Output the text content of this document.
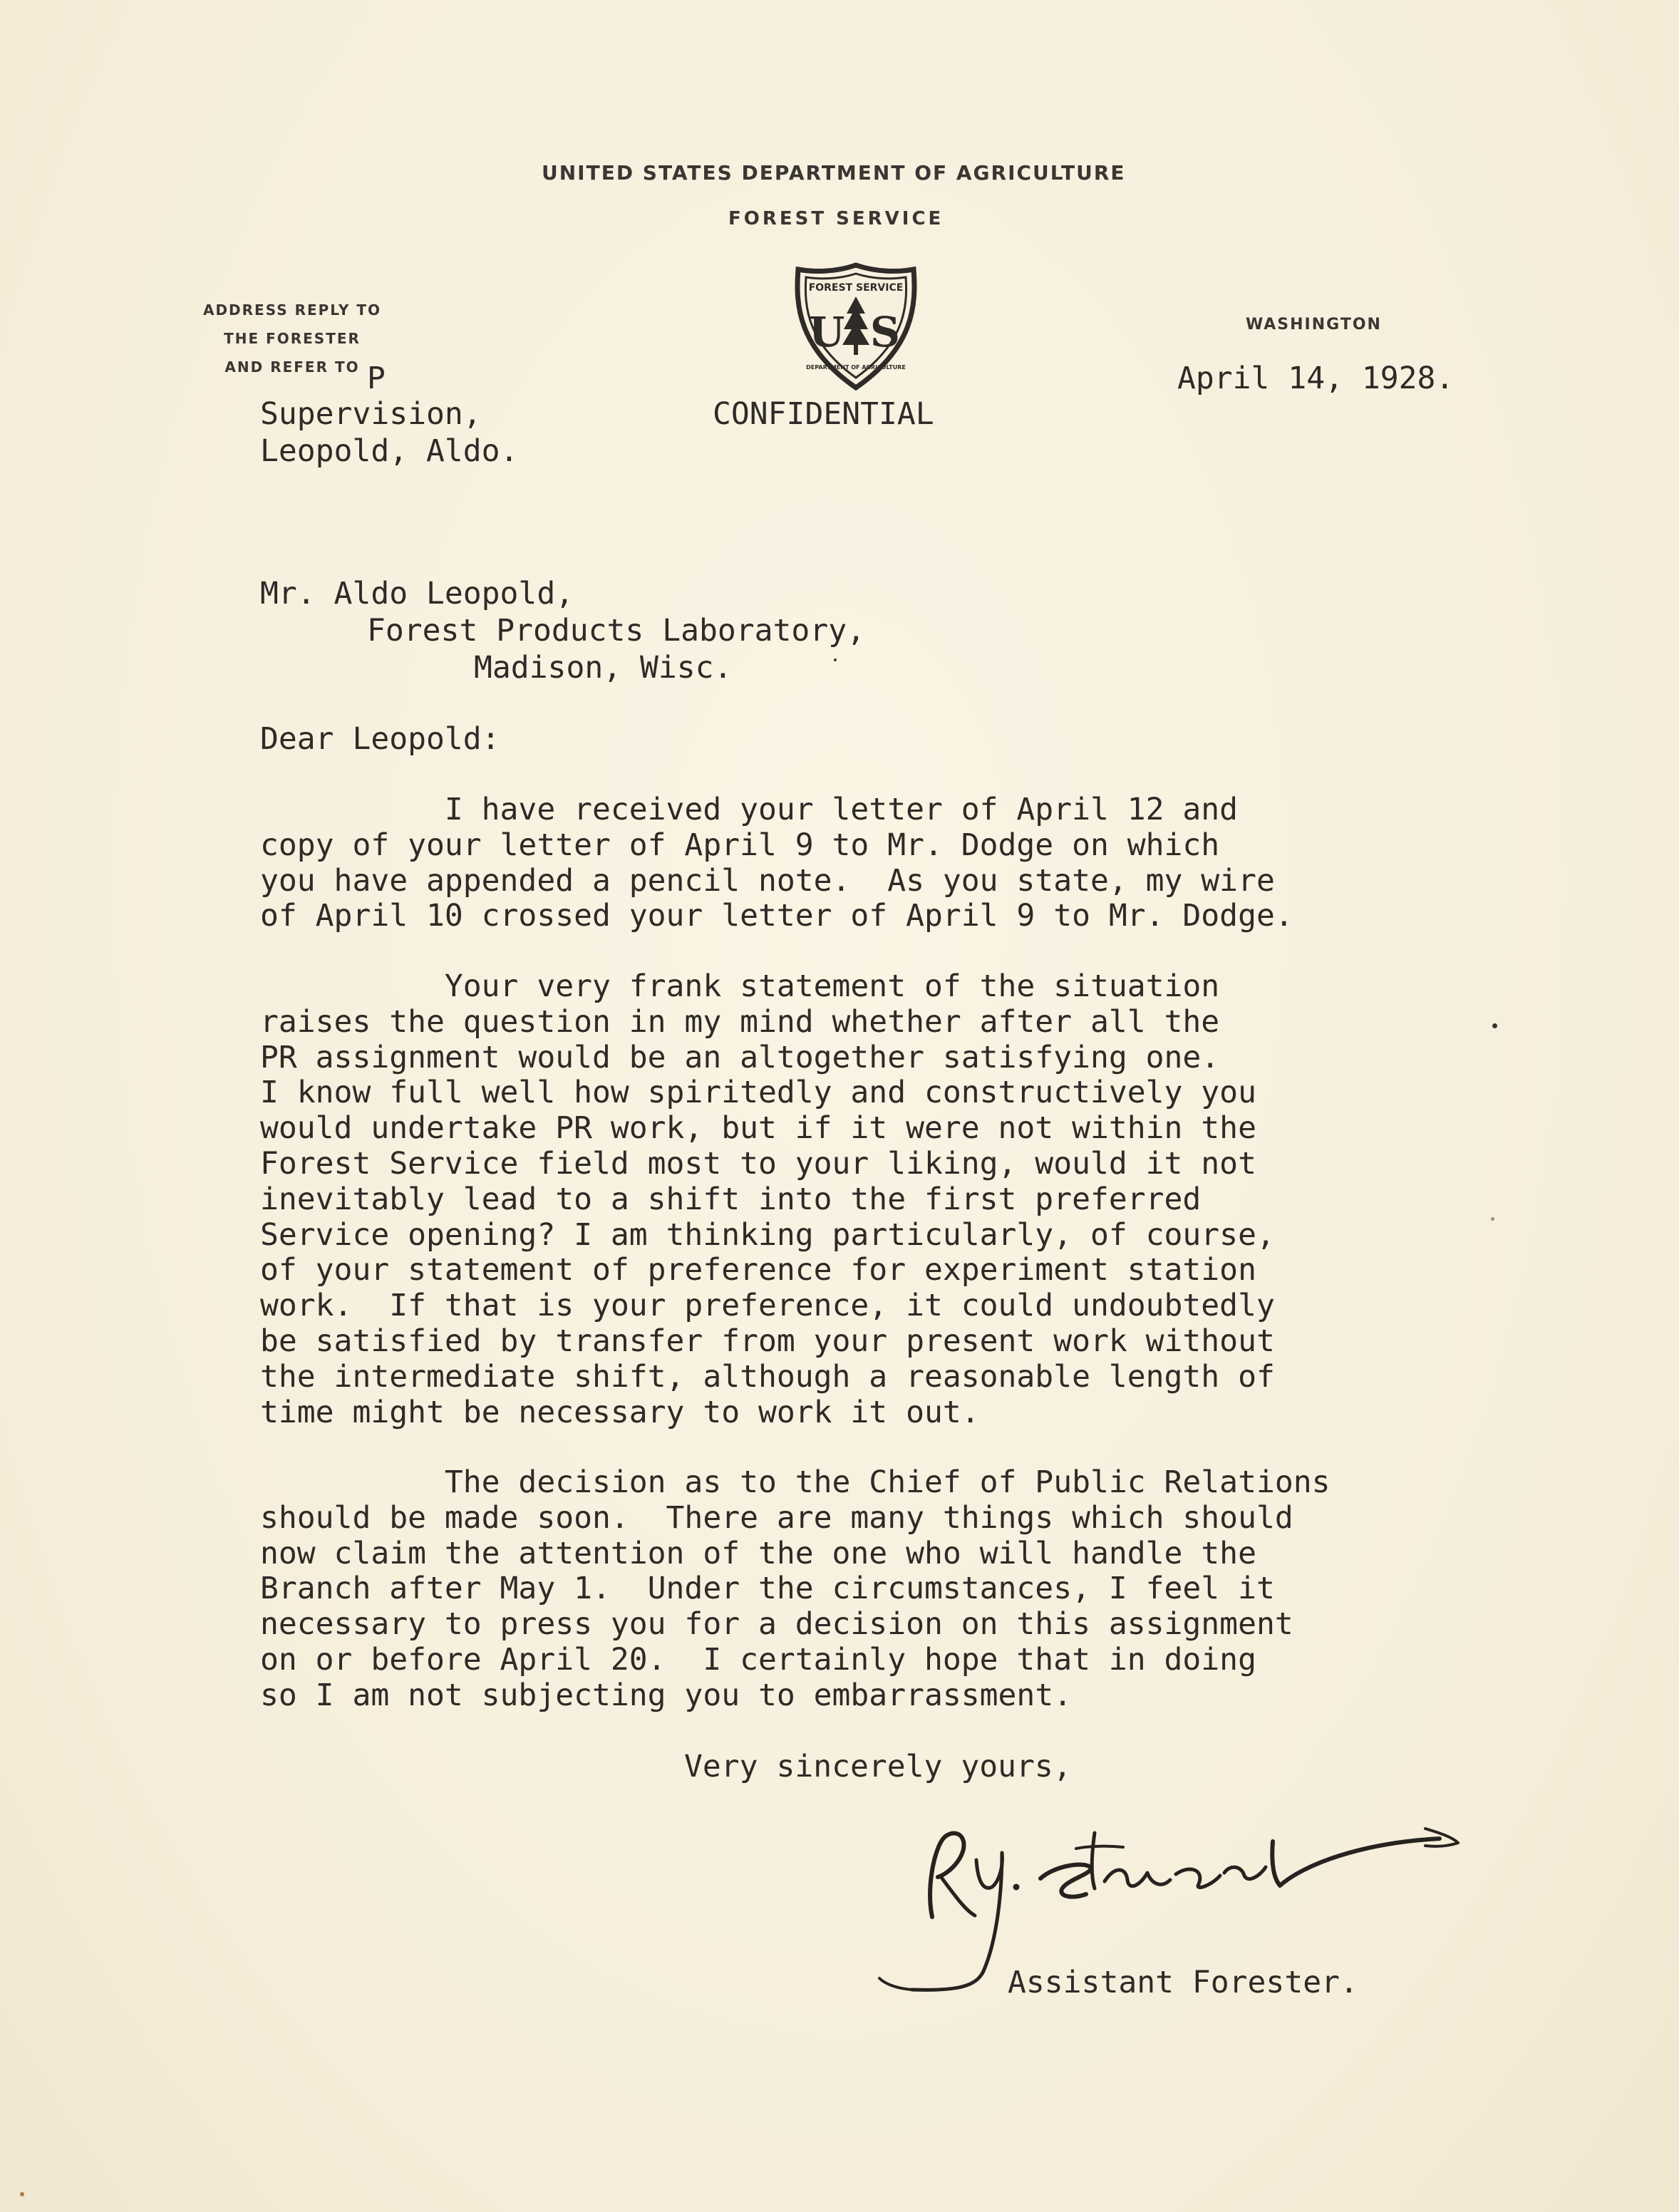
UNITED STATES DEPARTMENT OF AGRICULTURE
FOREST SERVICE
ADDRESS REPLY TO
THE FORESTER
AND REFER TO
FOREST SERVICE
U S
DEPARTMENT OF AGRICULTURE
WASHINGTON
P	April 14, 1928.
Supervision,
Leopold, Aldo.
CONFIDENTIAL
Mr. Aldo Leopold,
Forest Products Laboratory,
Madison, Wisc.
Dear Leopold:
I have received your letter of April 12 and
copy of your letter of April 9 to Mr. Dodge on which
you have appended a pencil note.  As you state, my wire
of April 10 crossed your letter of April 9 to Mr. Dodge.
Your very frank statement of the situation
raises the question in my mind whether after all the
PR assignment would be an altogether satisfying one.
I know full well how spiritedly and constructively you
would undertake PR work, but if it were not within the
Forest Service field most to your liking, would it not
inevitably lead to a shift into the first preferred
Service opening? I am thinking particularly, of course,
of your statement of preference for experiment station
work.  If that is your preference, it could undoubtedly
be satisfied by transfer from your present work without
the intermediate shift, although a reasonable length of
time might be necessary to work it out.
The decision as to the Chief of Public Relations
should be made soon.  There are many things which should
now claim the attention of the one who will handle the
Branch after May 1.  Under the circumstances, I feel it
necessary to press you for a decision on this assignment
on or before April 20.  I certainly hope that in doing
so I am not subjecting you to embarrassment.
Very sincerely yours,
Assistant Forester.
